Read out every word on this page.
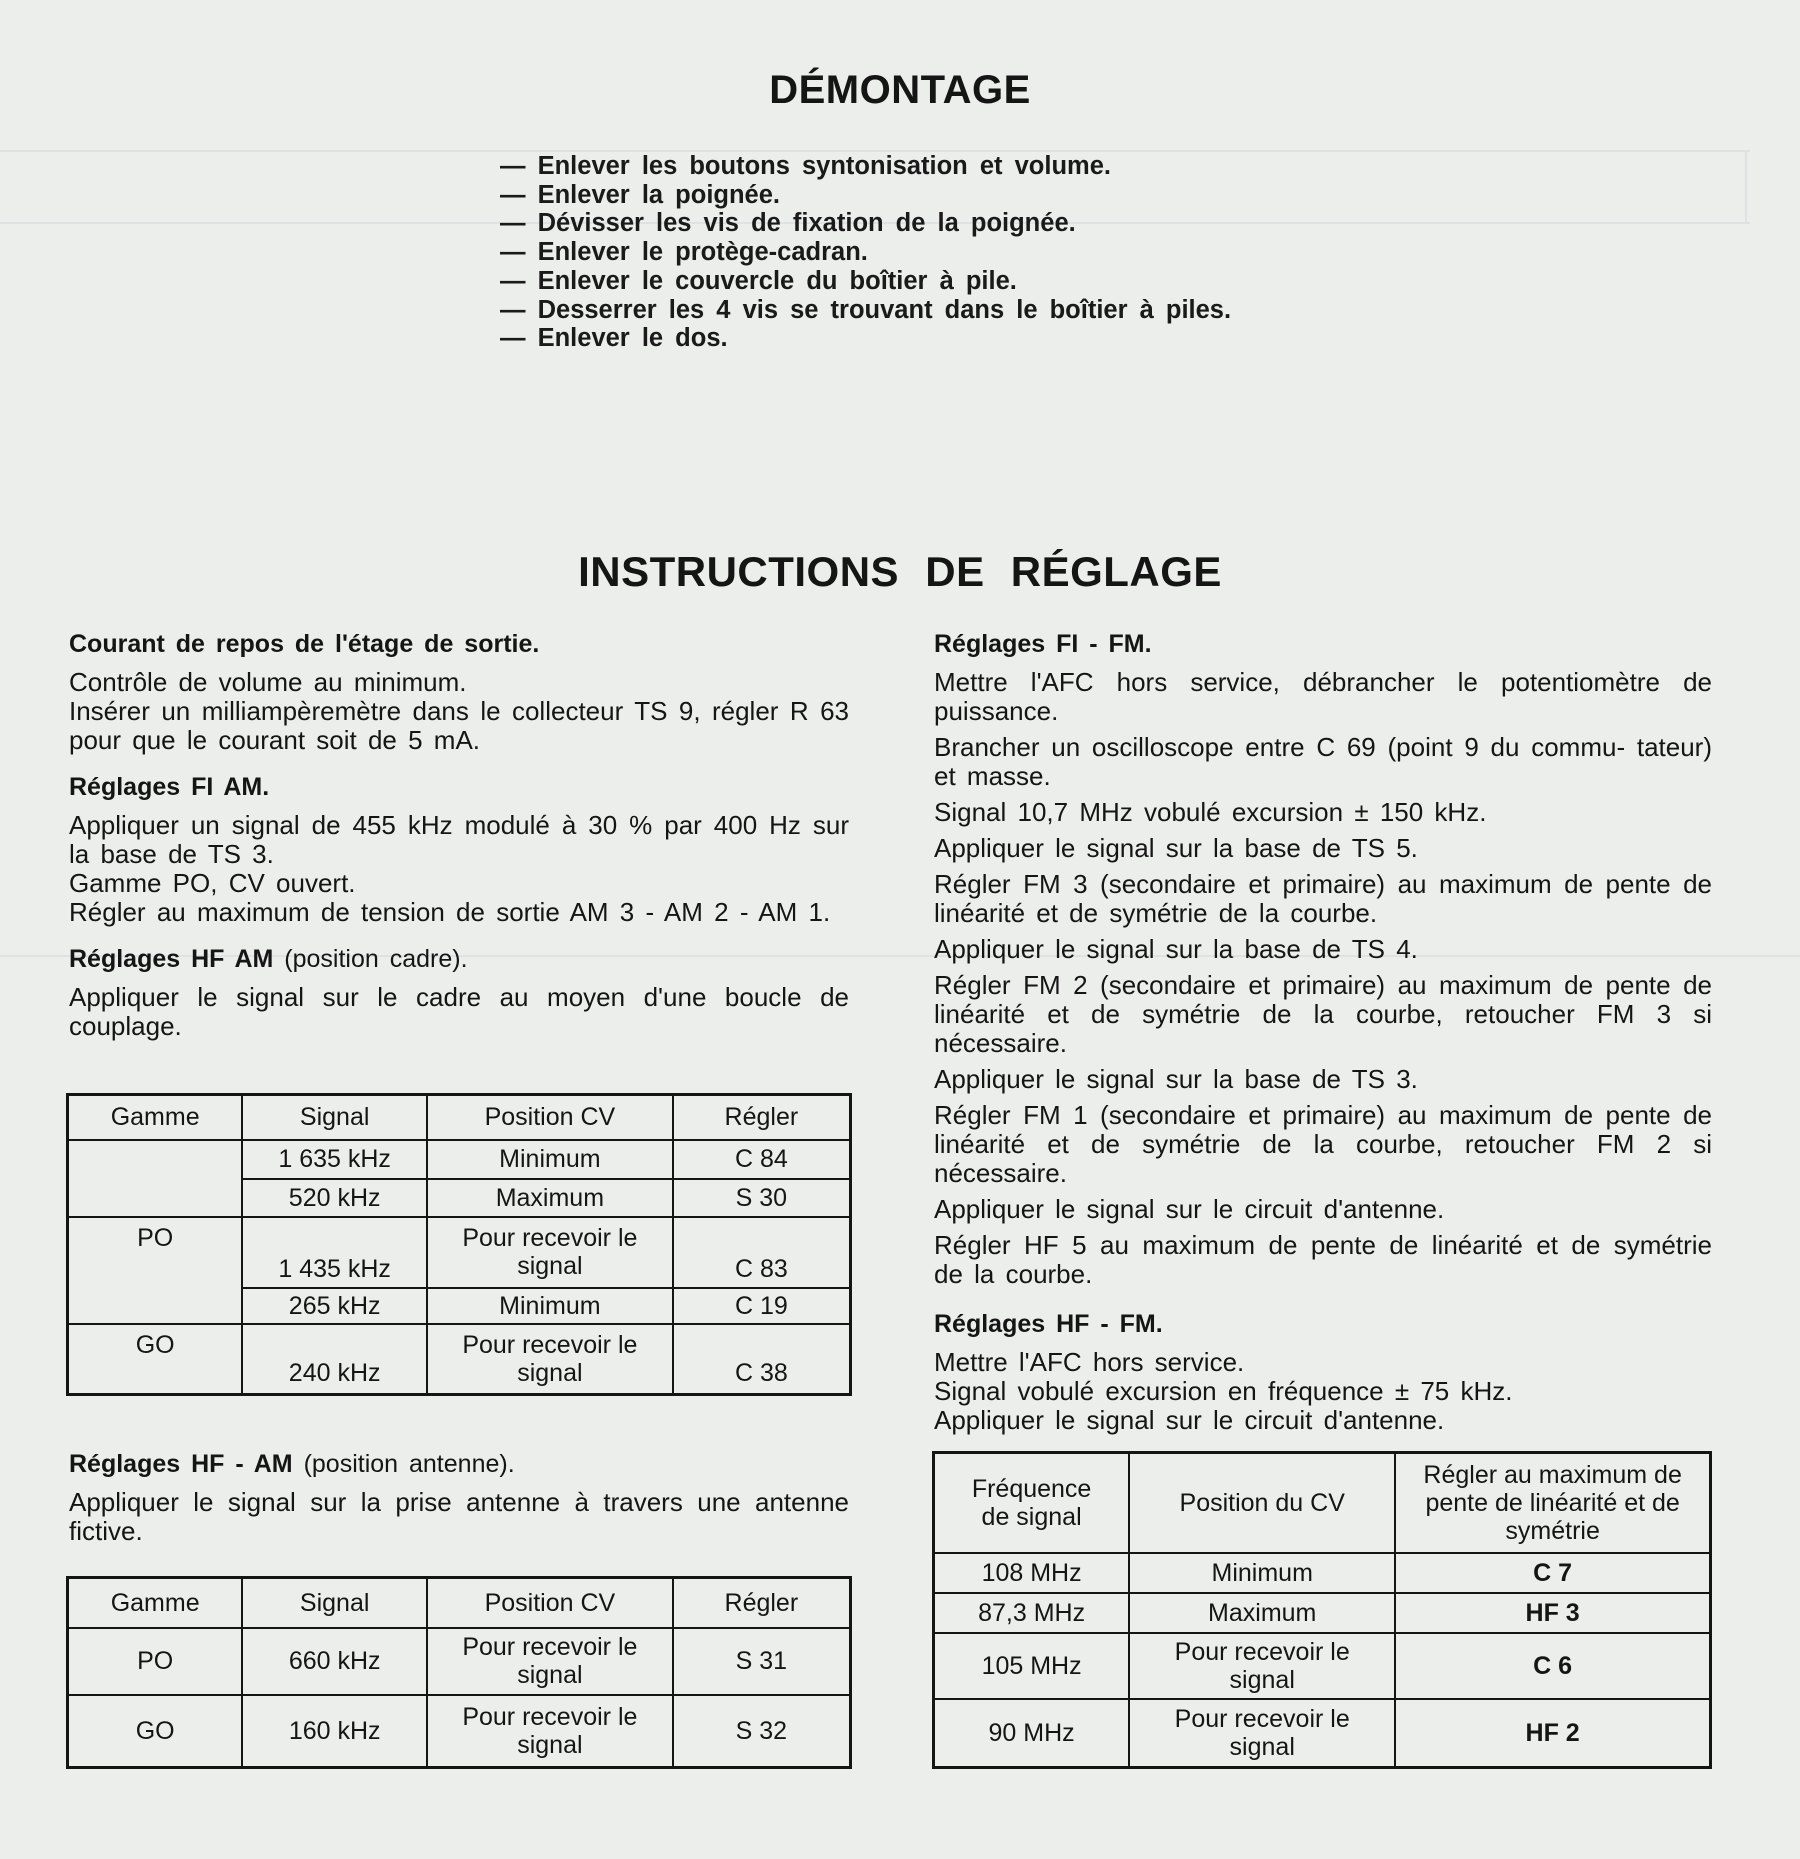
DÉMONTAGE
— Enlever les boutons syntonisation et volume.
— Enlever la poignée.
— Dévisser les vis de fixation de la poignée.
— Enlever le protège-cadran.
— Enlever le couvercle du boîtier à pile.
— Desserrer les 4 vis se trouvant dans le boîtier à piles.
— Enlever le dos.
INSTRUCTIONS DE RÉGLAGE
Courant de repos de l'étage de sortie.

Contrôle de volume au minimum.

Insérer un milliampèremètre dans le collecteur TS 9, régler R 63 pour que le courant soit de 5 mA.

Réglages FI AM.

Appliquer un signal de 455 kHz modulé à 30 % par 400 Hz sur la base de TS 3.

Gamme PO, CV ouvert.

Régler au maximum de tension de sortie AM 3 - AM 2 - AM 1.

Réglages HF AM (position cadre).

Appliquer le signal sur le cadre au moyen d'une boucle de couplage.

Réglages HF - AM (position antenne).

Appliquer le signal sur la prise antenne à travers une antenne fictive.

Réglages FI - FM.

Mettre l'AFC hors service, débrancher le potentiomètre de puissance.

Brancher un oscilloscope entre C 69 (point 9 du commu- tateur) et masse.

Signal 10,7 MHz vobulé excursion ± 150 kHz.

Appliquer le signal sur la base de TS 5.

Régler FM 3 (secondaire et primaire) au maximum de pente de linéarité et de symétrie de la courbe.

Appliquer le signal sur la base de TS 4.

Régler FM 2 (secondaire et primaire) au maximum de pente de linéarité et de symétrie de la courbe, retoucher FM 3 si nécessaire.

Appliquer le signal sur la base de TS 3.

Régler FM 1 (secondaire et primaire) au maximum de pente de linéarité et de symétrie de la courbe, retoucher FM 2 si nécessaire.

Appliquer le signal sur le circuit d'antenne.

Régler HF 5 au maximum de pente de linéarité et de symétrie de la courbe.

Réglages HF - FM.

Mettre l'AFC hors service.

Signal vobulé excursion en fréquence ± 75 kHz.

Appliquer le signal sur le circuit d'antenne.

Gamme	Signal	Position CV	Régler
	1 635 kHz	Minimum	C 84
	520 kHz	Maximum	S 30
PO	1 435 kHz	Pour recevoir le signal	C 83
	265 kHz	Minimum	C 19
GO	240 kHz	Pour recevoir le signal	C 38
Gamme	Signal	Position CV	Régler
PO	660 kHz	Pour recevoir le signal	S 31
GO	160 kHz	Pour recevoir le signal	S 32
Fréquence de signal	Position du CV	Régler au maximum de pente de linéarité et de symétrie
108 MHz	Minimum	C 7
87,3 MHz	Maximum	HF 3
105 MHz	Pour recevoir le signal	C 6
90 MHz	Pour recevoir le signal	HF 2
